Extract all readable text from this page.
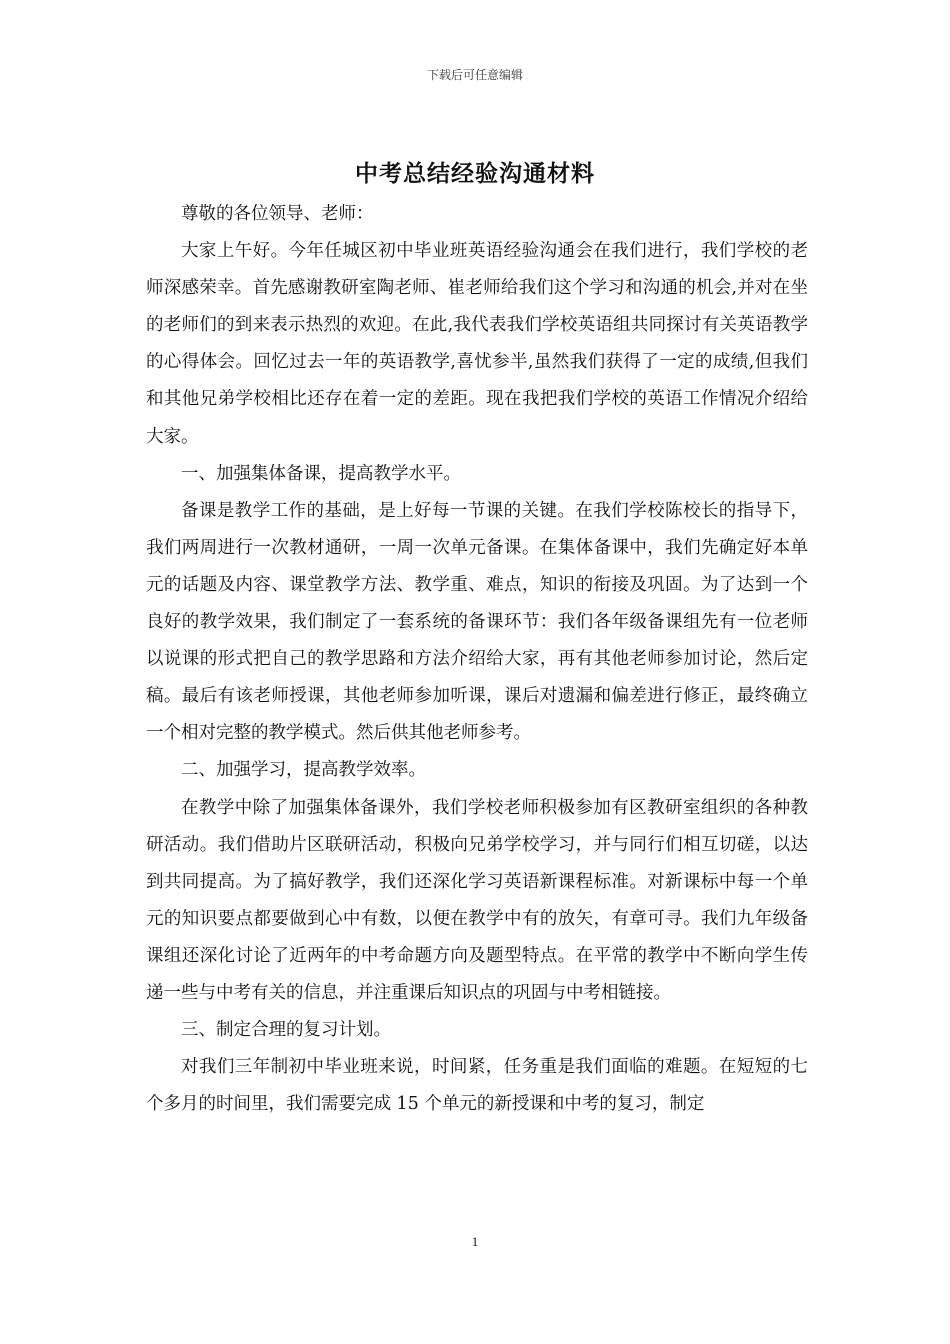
下载后可任意编辑
中考总结经验沟通材料

尊敬的各位领导、老师：

大家上午好。今年任城区初中毕业班英语经验沟通会在我们进行，我们学校的老师深感荣幸。首先感谢教研室陶老师、崔老师给我们这个学习和沟通的机会,并对在坐的老师们的到来表示热烈的欢迎。在此,我代表我们学校英语组共同探讨有关英语教学的心得体会。回忆过去一年的英语教学,喜忧参半,虽然我们获得了一定的成绩,但我们和其他兄弟学校相比还存在着一定的差距。现在我把我们学校的英语工作情况介绍给大家。

一、加强集体备课，提高教学水平。

备课是教学工作的基础，是上好每一节课的关键。在我们学校陈校长的指导下，我们两周进行一次教材通研，一周一次单元备课。在集体备课中，我们先确定好本单元的话题及内容、课堂教学方法、教学重、难点，知识的衔接及巩固。为了达到一个良好的教学效果，我们制定了一套系统的备课环节：我们各年级备课组先有一位老师以说课的形式把自己的教学思路和方法介绍给大家，再有其他老师参加讨论，然后定稿。最后有该老师授课，其他老师参加听课，课后对遗漏和偏差进行修正，最终确立一个相对完整的教学模式。然后供其他老师参考。

二、加强学习，提高教学效率。

在教学中除了加强集体备课外，我们学校老师积极参加有区教研室组织的各种教研活动。我们借助片区联研活动，积极向兄弟学校学习，并与同行们相互切磋，以达到共同提高。为了搞好教学，我们还深化学习英语新课程标准。对新课标中每一个单元的知识要点都要做到心中有数，以便在教学中有的放矢，有章可寻。我们九年级备课组还深化讨论了近两年的中考命题方向及题型特点。在平常的教学中不断向学生传递一些与中考有关的信息，并注重课后知识点的巩固与中考相链接。

三、制定合理的复习计划。

对我们三年制初中毕业班来说，时间紧，任务重是我们面临的难题。在短短的七个多月的时间里，我们需要完成 15 个单元的新授课和中考的复习，制定

1
